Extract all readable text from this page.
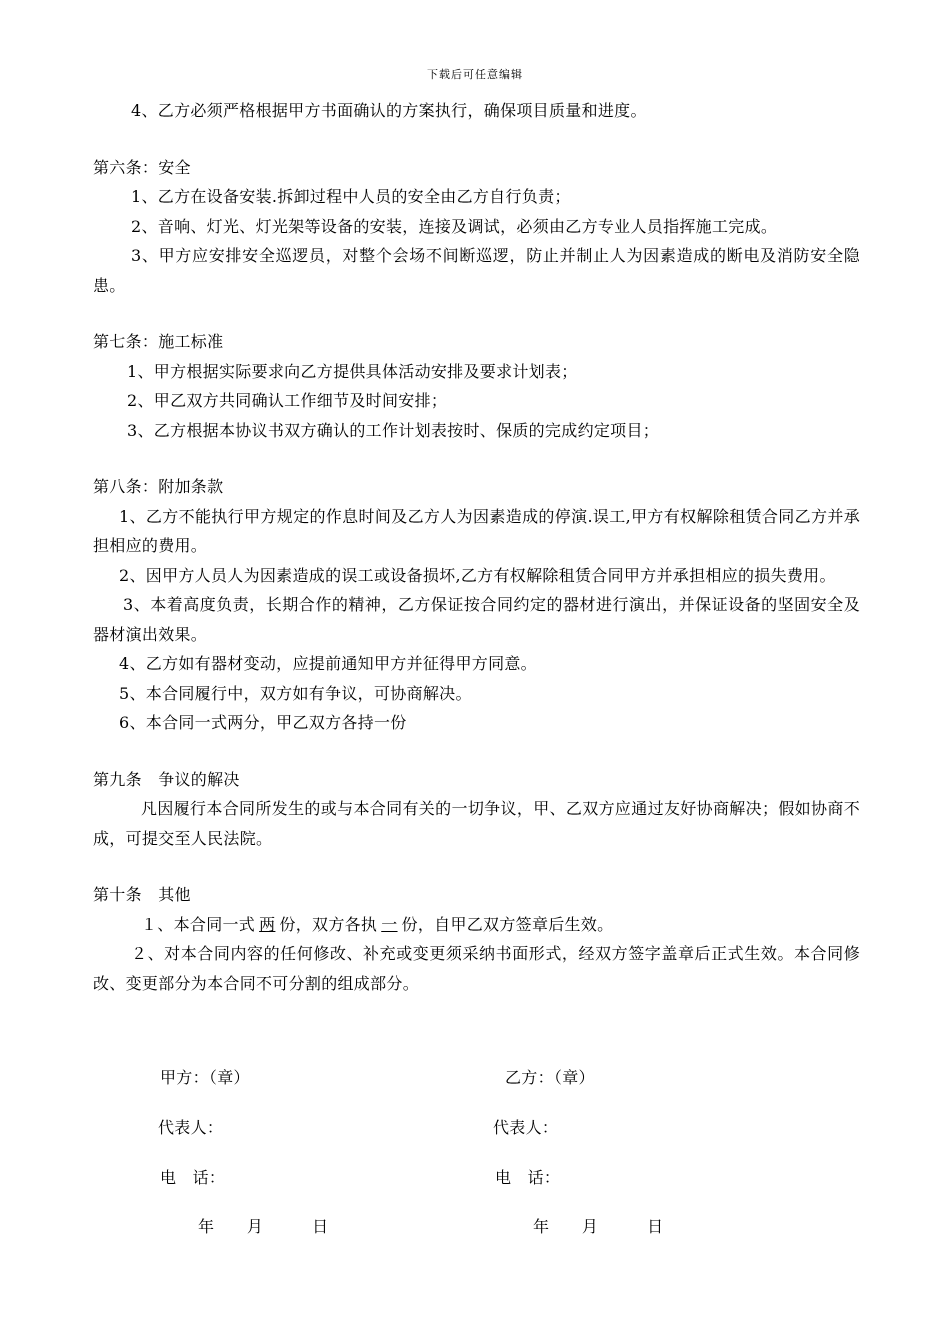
下载后可任意编辑

4、乙方必须严格根据甲方书面确认的方案执行，确保项目质量和进度。

第六条：安全

1、乙方在设备安装.拆卸过程中人员的安全由乙方自行负责；

2、音响、灯光、灯光架等设备的安装，连接及调试，必须由乙方专业人员指挥施工完成。

3、甲方应安排安全巡逻员，对整个会场不间断巡逻，防止并制止人为因素造成的断电及消防安全隐患。

第七条：施工标准

1、甲方根据实际要求向乙方提供具体活动安排及要求计划表；

2、甲乙双方共同确认工作细节及时间安排；

3、乙方根据本协议书双方确认的工作计划表按时、保质的完成约定项目；

第八条：附加条款

1、乙方不能执行甲方规定的作息时间及乙方人为因素造成的停演.误工,甲方有权解除租赁合同乙方并承担相应的费用。

2、因甲方人员人为因素造成的误工或设备损坏,乙方有权解除租赁合同甲方并承担相应的损失费用。

3、本着高度负责，长期合作的精神，乙方保证按合同约定的器材进行演出，并保证设备的坚固安全及器材演出效果。

4、乙方如有器材变动，应提前通知甲方并征得甲方同意。

5、本合同履行中，双方如有争议，可协商解决。

6、本合同一式两分，甲乙双方各持一份

第九条　争议的解决

凡因履行本合同所发生的或与本合同有关的一切争议，甲、乙双方应通过友好协商解决；假如协商不成，可提交至人民法院。

第十条　其他

１、本合同一式 两 份，双方各执 一 份，自甲乙双方签章后生效。

２、对本合同内容的任何修改、补充或变更须采纳书面形式，经双方签字盖章后正式生效。本合同修改、变更部分为本合同不可分割的组成部分。

甲方：（章）	乙方：（章）
代表人：	代表人：
电　话：	电　话：
年　　月　　　日	年　　月　　　日
